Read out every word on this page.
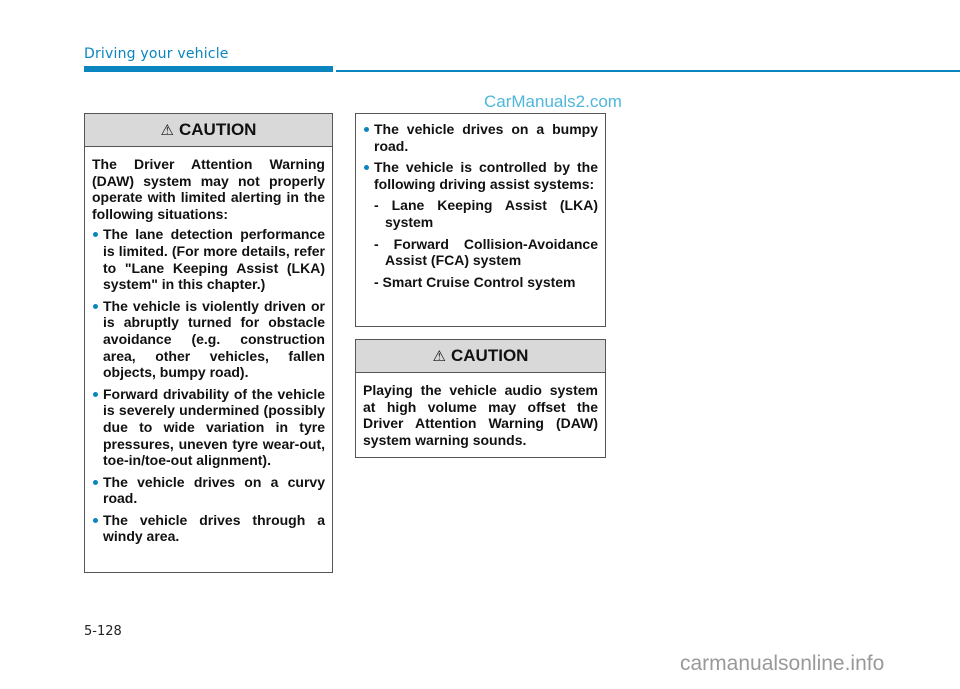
Driving your vehicle
CarManuals2.com
⚠ CAUTION

The Driver Attention Warning (DAW) system may not properly operate with limited alerting in the following situations:

The lane detection performance is limited. (For more details, refer to "Lane Keeping Assist (LKA) system" in this chapter.)
The vehicle is violently driven or is abruptly turned for obstacle avoidance (e.g. construction area, other vehicles, fallen objects, bumpy road).
Forward drivability of the vehicle is severely undermined (possibly due to wide variation in tyre pressures, uneven tyre wear-out, toe-in/toe-out alignment).
The vehicle drives on a curvy road.
The vehicle drives through a windy area.
The vehicle drives on a bumpy road.
The vehicle is controlled by the following driving assist systems:
- Lane Keeping Assist (LKA) system
- Forward Collision-Avoidance Assist (FCA) system
- Smart Cruise Control system
⚠ CAUTION

Playing the vehicle audio system at high volume may offset the Driver Attention Warning (DAW) system warning sounds.

5-128
carmanualsonline.info
